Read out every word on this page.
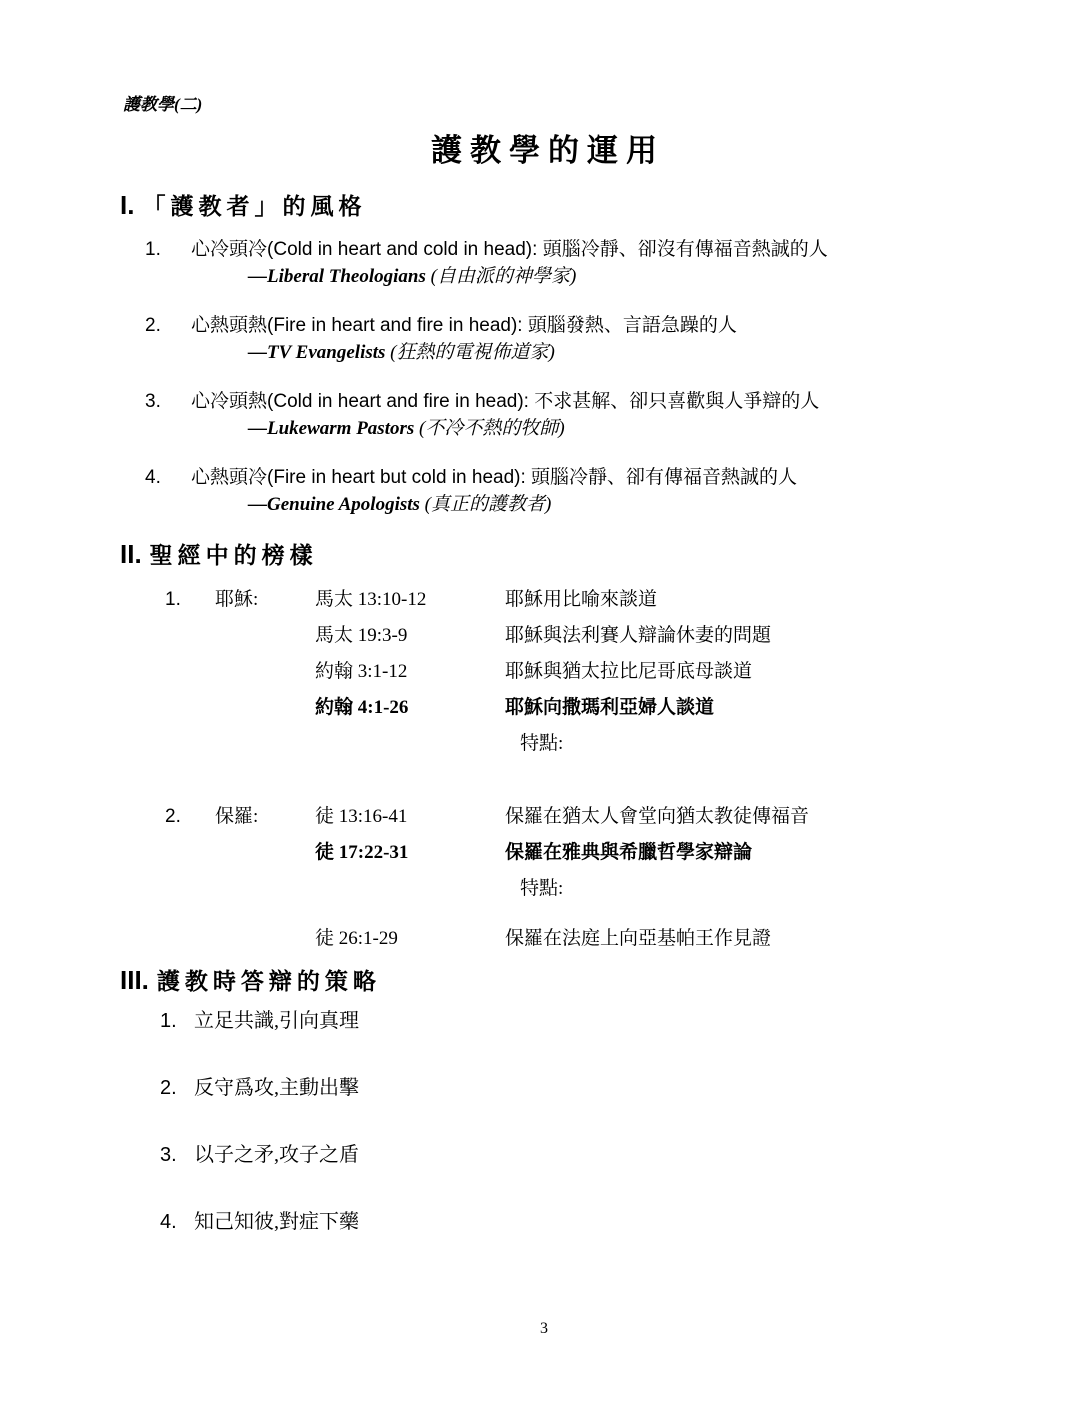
護教學(二)
護教學的運用
I. 「護教者」的風格
1.	心冷頭冷(Cold in heart and cold in head): 頭腦冷靜、卻沒有傳福音熱誠的人
—Liberal Theologians (自由派的神學家)
2.	心熱頭熱(Fire in heart and fire in head): 頭腦發熱、言語急躁的人
—TV Evangelists (狂熱的電視佈道家)
3.	心冷頭熱(Cold in heart and fire in head): 不求甚解、卻只喜歡與人爭辯的人
—Lukewarm Pastors (不冷不熱的牧師)
4.	心熱頭冷(Fire in heart but cold in head): 頭腦冷靜、卻有傳福音熱誠的人
—Genuine Apologists (真正的護教者)
II. 聖經中的榜樣
1.	耶穌:	馬太 13:10-12	耶穌用比喻來談道
馬太 19:3-9	耶穌與法利賽人辯論休妻的問題
約翰 3:1-12	耶穌與猶太拉比尼哥底母談道
約翰 4:1-26	耶穌向撒瑪利亞婦人談道
特點:
2.	保羅:	徒 13:16-41	保羅在猶太人會堂向猶太教徒傳福音
徒 17:22-31	保羅在雅典與希臘哲學家辯論
特點:
徒 26:1-29	保羅在法庭上向亞基帕王作見證
III. 護教時答辯的策略
1. 立足共識,引向真理
2. 反守爲攻,主動出擊
3. 以子之矛,攻子之盾
4. 知己知彼,對症下藥
3
